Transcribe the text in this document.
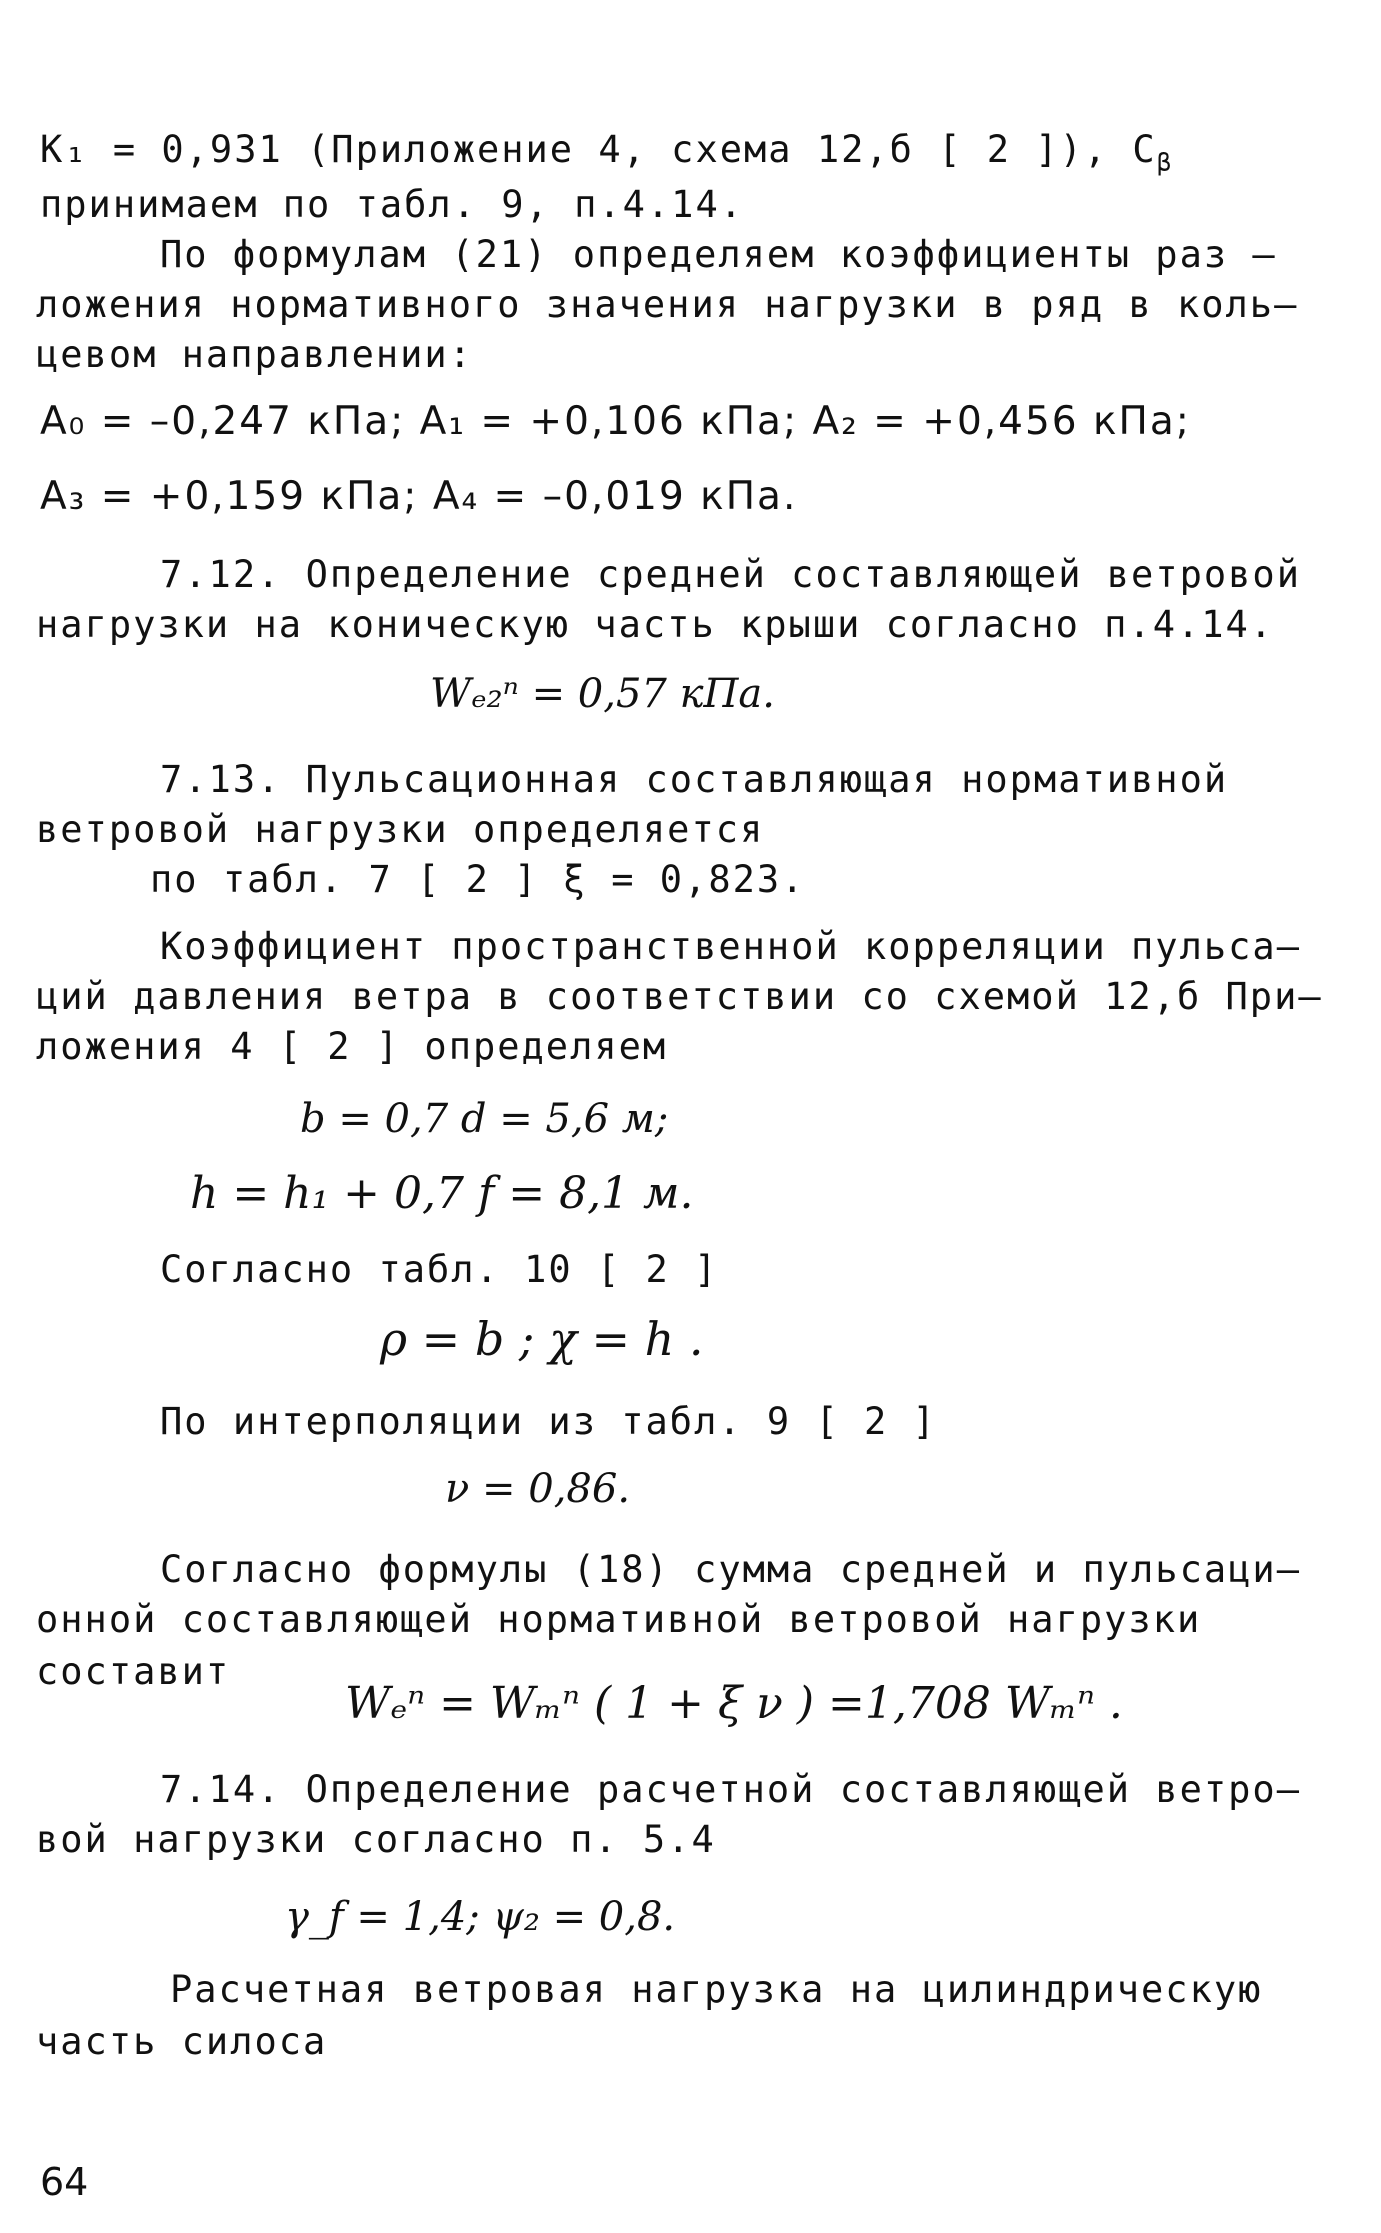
К₁ = 0,931 (Приложение 4, схема 12,б [ 2 ]), $C_\beta$
принимаем по табл. 9, п.4.14.
По формулам (21) определяем коэффициенты раз –
ложения нормативного значения нагрузки в ряд в коль–
цевом направлении:
A₀ = –0,247 кПа; A₁ = +0,106 кПа; A₂ = +0,456 кПа;
A₃ = +0,159 кПа; A₄ = –0,019 кПа.
7.12. Определение средней составляющей ветровой
нагрузки на коническую часть крыши согласно п.4.14.
Wₑ₂ⁿ = 0,57 кПа.
7.13. Пульсационная составляющая нормативной
ветровой нагрузки определяется
по табл. 7 [ 2 ] ξ = 0,823.
Коэффициент пространственной корреляции пульса–
ций давления ветра в соответствии со схемой 12,б При–
ложения 4 [ 2 ] определяем
b = 0,7 d = 5,6 м;
h = h₁ + 0,7 f = 8,1 м.
Согласно табл. 10 [ 2 ]
ρ = b ; χ = h .
По интерполяции из табл. 9 [ 2 ]
ν = 0,86.
Согласно формулы (18) сумма средней и пульсаци–
онной составляющей нормативной ветровой нагрузки
составит
Wₑⁿ = Wₘⁿ ( 1 + ξ ν ) =1,708 Wₘⁿ .
7.14. Определение расчетной составляющей ветро–
вой нагрузки согласно п. 5.4
γ_f = 1,4; ψ₂ = 0,8.
Расчетная ветровая нагрузка на цилиндрическую
часть силоса
64
